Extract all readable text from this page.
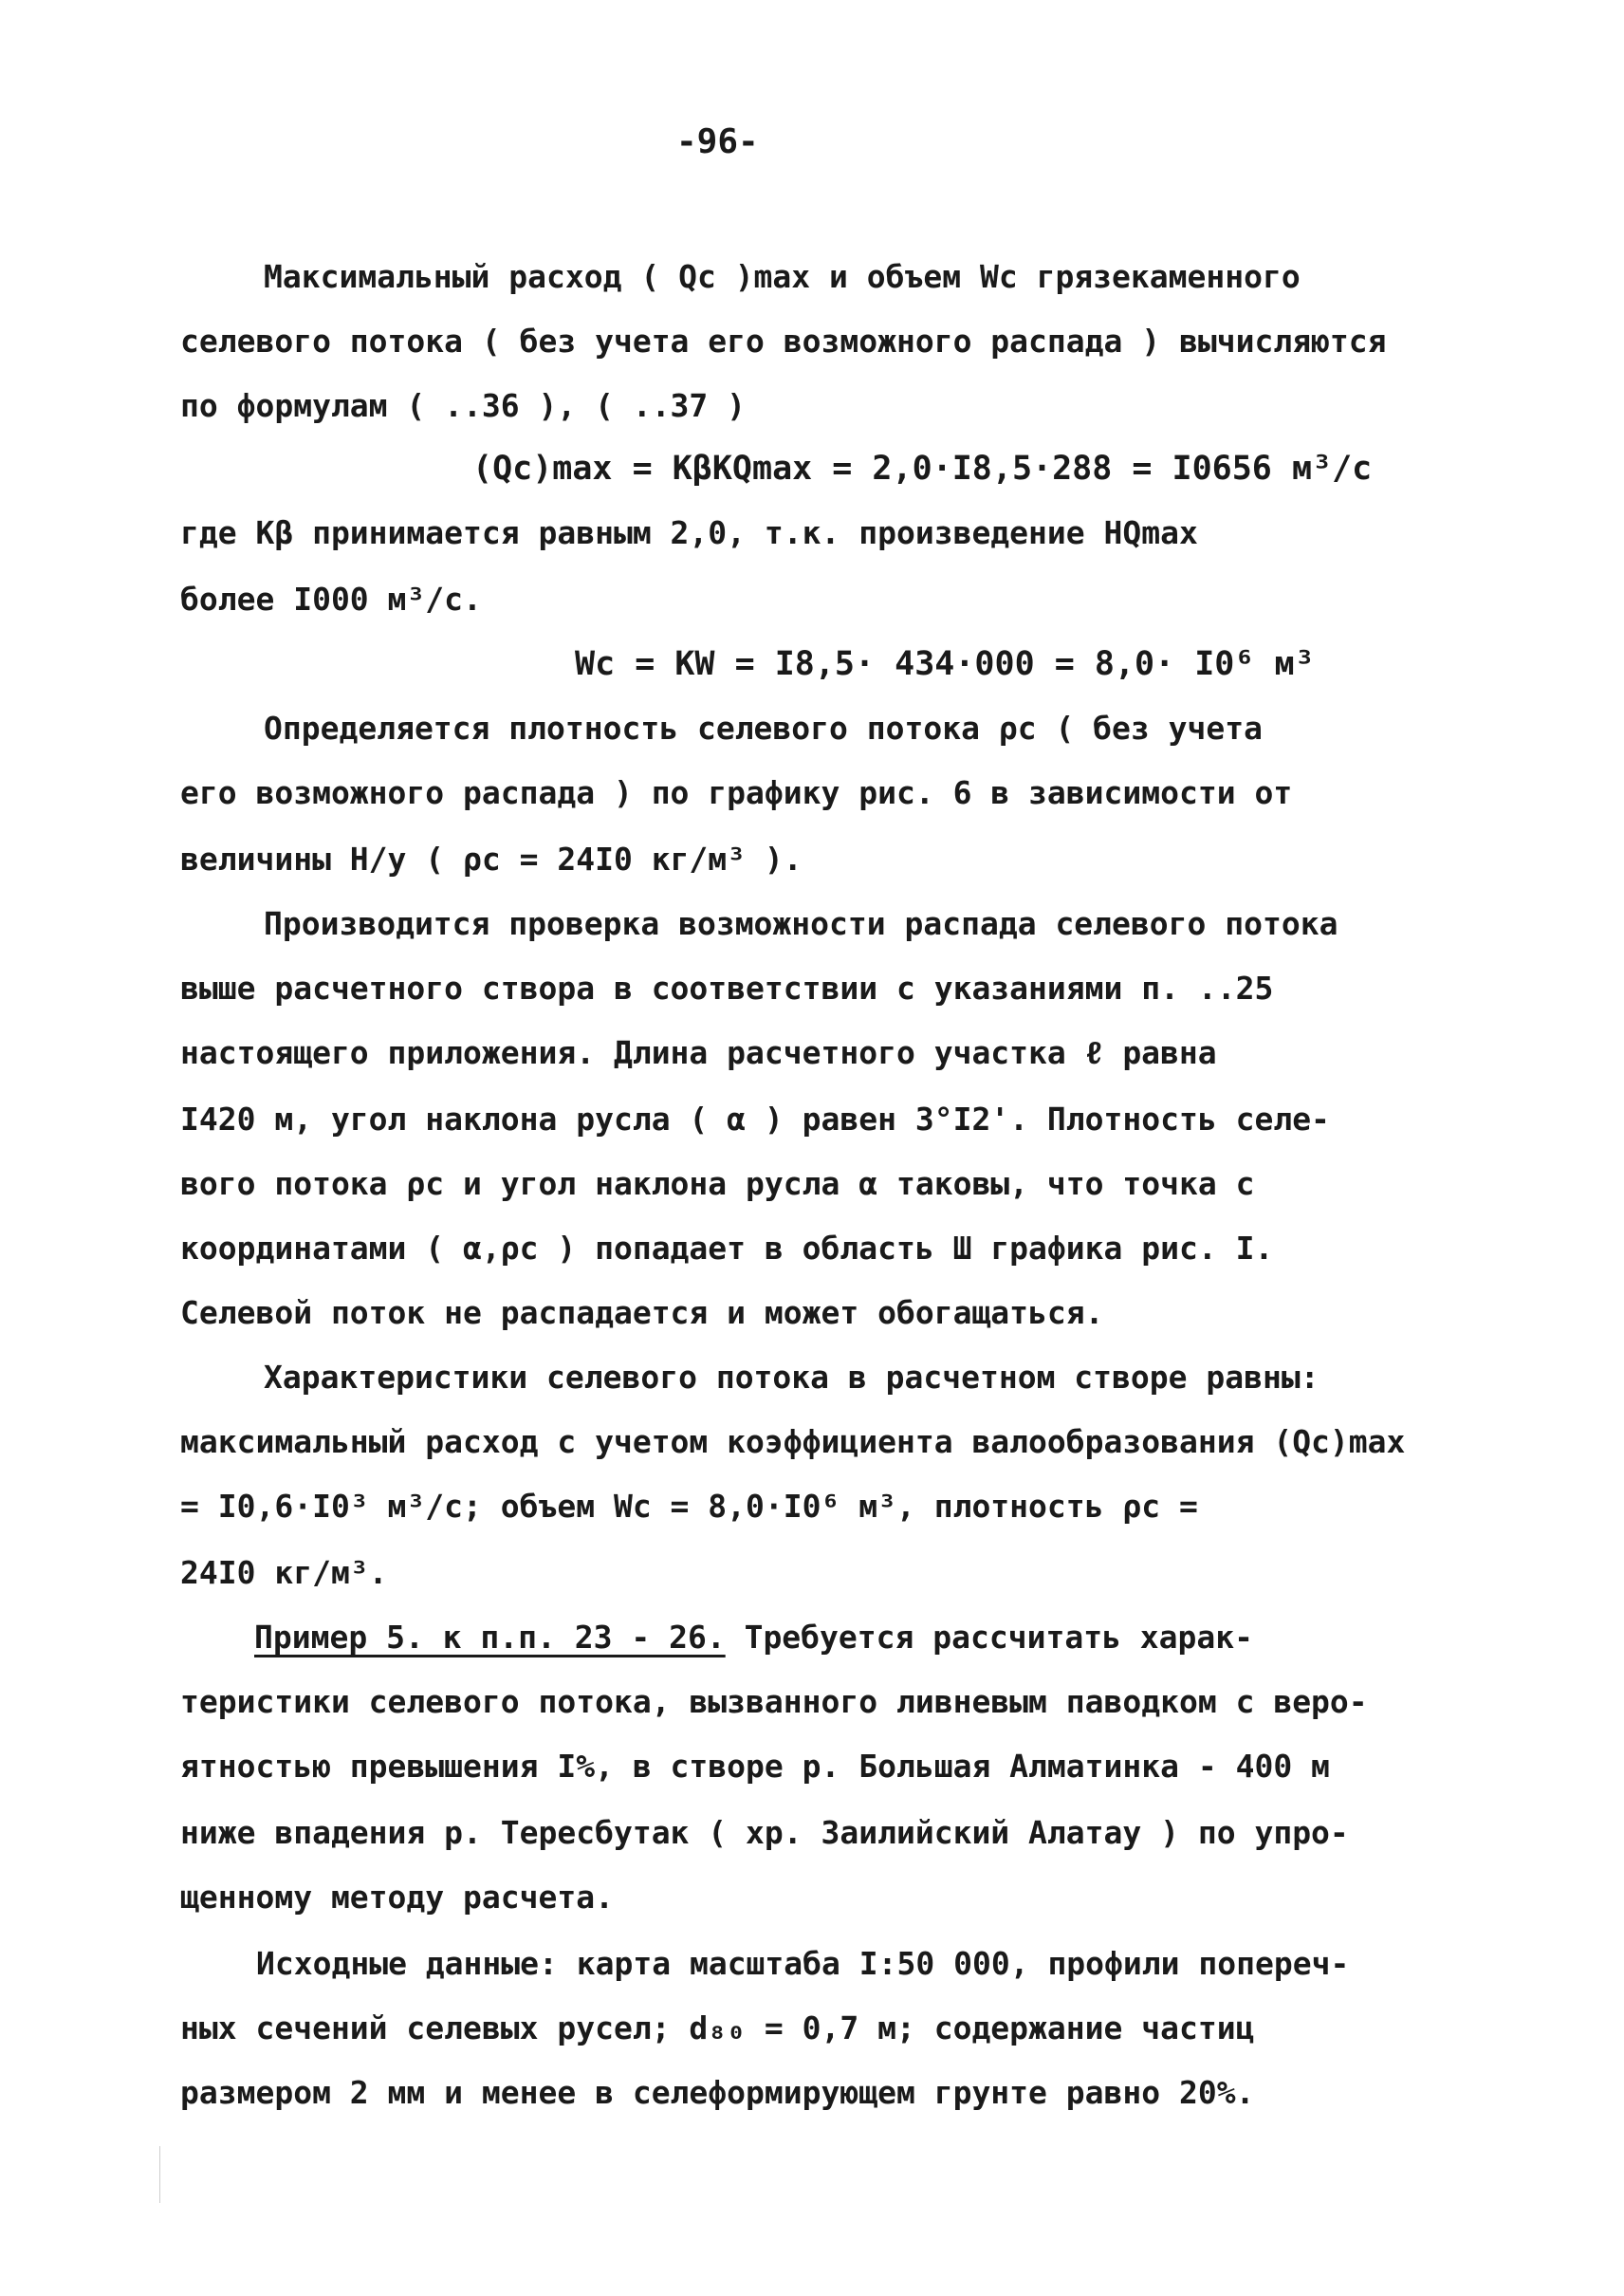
-96-
Максимальный расход ( Qс )max и объем Wс грязекаменного
селевого потока ( без учета его возможного распада ) вычисляются
по формулам ( ..36 ), ( ..37 )
(Qс)max = KβKQmax = 2,0·I8,5·288 = I0656 м³/с
где Kβ принимается равным 2,0, т.к. произведение HQmax
более I000 м³/с.
Wс = KW = I8,5· 434·000 = 8,0· I0⁶ м³
Определяется плотность селевого потока ρс ( без учета
его возможного распада ) по графику рис. 6 в зависимости от
величины H/y ( ρс = 24I0 кг/м³ ).
Производится проверка возможности распада селевого потока
выше расчетного створа в соответствии с указаниями п. ..25
настоящего приложения. Длина расчетного участка ℓ равна
I420 м, угол наклона русла ( α ) равен 3°I2'. Плотность селе-
вого потока ρс и угол наклона русла α таковы, что точка с
координатами ( α,ρс ) попадает в область Ш графика рис. I.
Селевой поток не распадается и может обогащаться.
Характеристики селевого потока в расчетном створе равны:
максимальный расход с учетом коэффициента валообразования (Qс)max
= I0,6·I0³ м³/с; объем Wс = 8,0·I0⁶ м³, плотность ρс =
24I0 кг/м³.
Пример 5. к п.п. 23 - 26. Требуется рассчитать харак-
теристики селевого потока, вызванного ливневым паводком с веро-
ятностью превышения I%, в створе р. Большая Алматинка - 400 м
ниже впадения р. Тересбутак ( хр. Заилийский Алатау ) по упро-
щенному методу расчета.
Исходные данные: карта масштаба I:50 000, профили попереч-
ных сечений селевых русел; d₈₀ = 0,7 м; содержание частиц
размером 2 мм и менее в селеформирующем грунте равно 20%.
